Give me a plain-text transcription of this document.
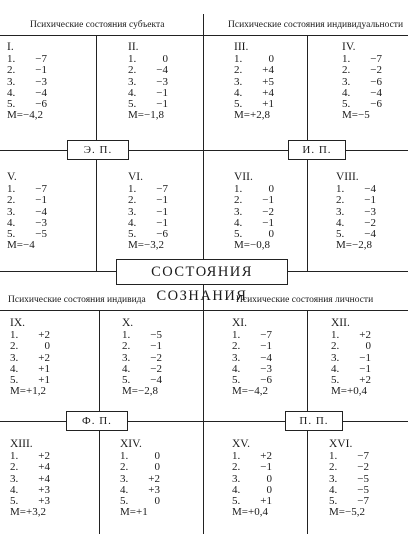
Психические состояния субъекта	Психические состояния индивидуальности
Психические состояния индивида	Психические состояния личности
Э. П.	И. П.
Ф. П.	П. П.
СОСТОЯНИЯ СОЗНАНИЯ
I.
1.	−7
2.	−1
3.	−3
4.	−4
5.	−6
M=−4,2
II.
1.	0
2.	−4
3.	−3
4.	−1
5.	−1
M=−1,8
III.
1.	0
2.	+4
3.	+5
4.	+4
5.	+1
M=+2,8
IV.
1.	−7
2.	−2
3.	−6
4.	−4
5.	−6
M=−5
V.
1.	−7
2.	−1
3.	−4
4.	−3
5.	−5
M=−4
VI.
1.	−7
2.	−1
3.	−1
4.	−1
5.	−6
M=−3,2
VII.
1.	0
2.	−1
3.	−2
4.	−1
5.	0
M=−0,8
VIII.
1.	−4
2.	−1
3.	−3
4.	−2
5.	−4
M=−2,8
IX.
1.	+2
2.	0
3.	+2
4.	+1
5.	+1
M=+1,2
X.
1.	−5
2.	−1
3.	−2
4.	−2
5.	−4
M=−2,8
XI.
1.	−7
2.	−1
3.	−4
4.	−3
5.	−6
M=−4,2
XII.
1.	+2
2.	0
3.	−1
4.	−1
5.	+2
M=+0,4
XIII.
1.	+2
2.	+4
3.	+4
4.	+3
5.	+3
M=+3,2
XIV.
1.	0
2.	0
3.	+2
4.	+3
5.	0
M=+1
XV.
1.	+2
2.	−1
3.	0
4.	0
5.	+1
M=+0,4
XVI.
1.	−7
2.	−2
3.	−5
4.	−5
5.	−7
M=−5,2
